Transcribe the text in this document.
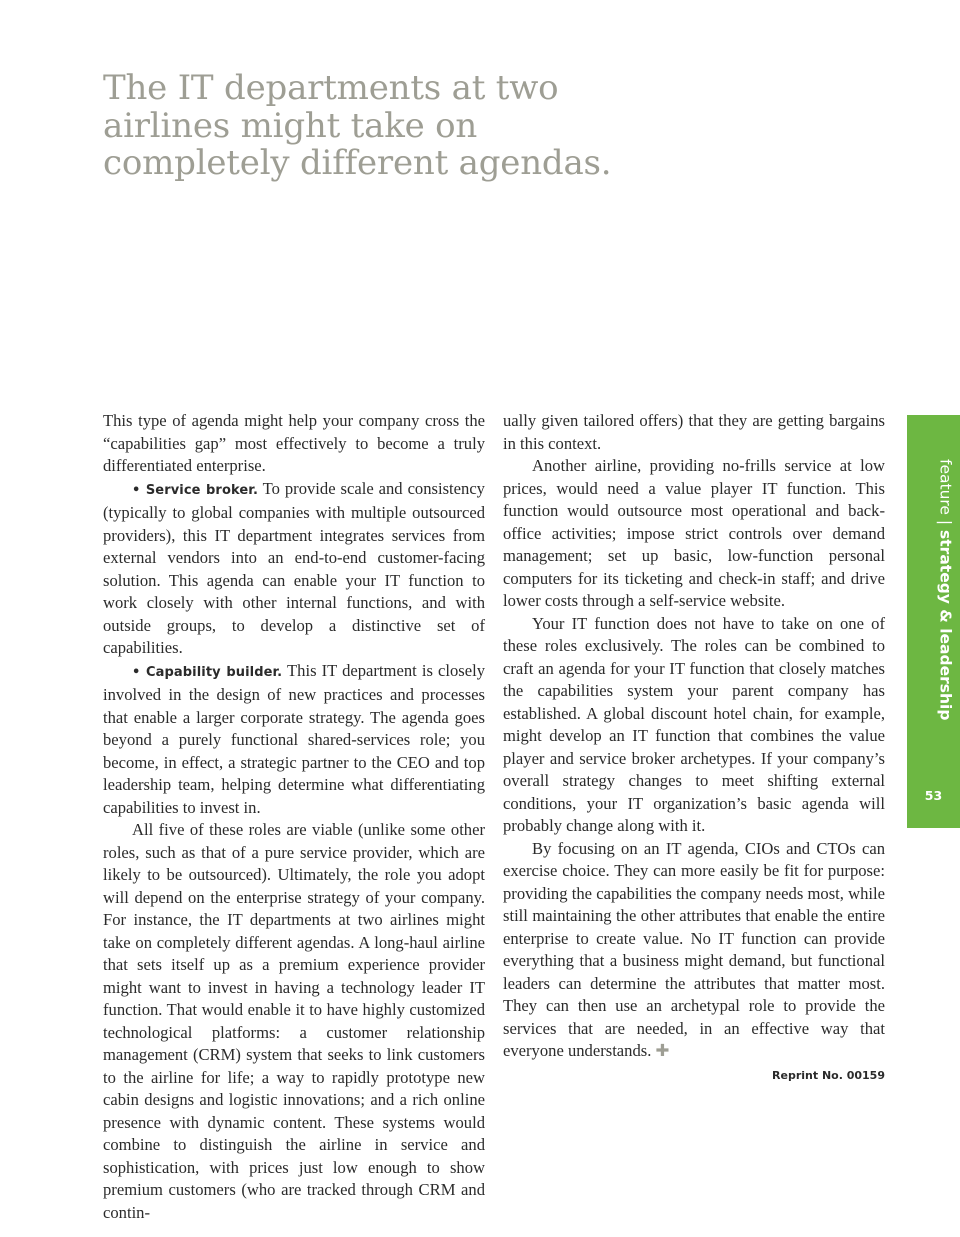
The IT departments at two airlines might take on completely different agendas.

This type of agenda might help your company cross the “capabilities gap” most effectively to become a truly differentiated enterprise.

• Service broker. To provide scale and consistency (typically to global companies with multiple outsourced providers), this IT department integrates services from external vendors into an end-to-end customer-facing solution. This agenda can enable your IT function to work closely with other internal functions, and with outside groups, to develop a distinctive set of capabilities.

• Capability builder. This IT department is closely involved in the design of new practices and processes that enable a larger corporate strategy. The agenda goes beyond a purely functional shared-services role; you become, in effect, a strategic partner to the CEO and top leadership team, helping determine what differentiating capabilities to invest in.

All five of these roles are viable (unlike some other roles, such as that of a pure service provider, which are likely to be outsourced). Ultimately, the role you adopt will depend on the enterprise strategy of your company. For instance, the IT departments at two airlines might take on completely different agendas. A long-haul airline that sets itself up as a premium experience provider might want to invest in having a technology leader IT function. That would enable it to have highly customized technological platforms: a customer relationship management (CRM) system that seeks to link customers to the airline for life; a way to rapidly prototype new cabin designs and logistic innovations; and a rich online presence with dynamic content. These systems would combine to distinguish the airline in service and sophistication, with prices just low enough to show premium customers (who are tracked through CRM and contin-

ually given tailored offers) that they are getting bargains in this context.

Another airline, providing no-frills service at low prices, would need a value player IT function. This function would outsource most operational and back-office activities; impose strict controls over demand management; set up basic, low-function personal computers for its ticketing and check-in staff; and drive lower costs through a self-service website.

Your IT function does not have to take on one of these roles exclusively. The roles can be combined to craft an agenda for your IT function that closely matches the capabilities system your parent company has established. A global discount hotel chain, for example, might develop an IT function that combines the value player and service broker archetypes. If your company’s overall strategy changes to meet shifting external conditions, your IT organization’s basic agenda will probably change along with it.

By focusing on an IT agenda, CIOs and CTOs can exercise choice. They can more easily be fit for purpose: providing the capabilities the company needs most, while still maintaining the other attributes that enable the entire enterprise to create value. No IT function can provide everything that a business might demand, but functional leaders can determine the attributes that matter most. They can then use an archetypal role to provide the services that are needed, in an effective way that everyone understands. ✚

Reprint No. 00159
feature | strategy & leadership
53
